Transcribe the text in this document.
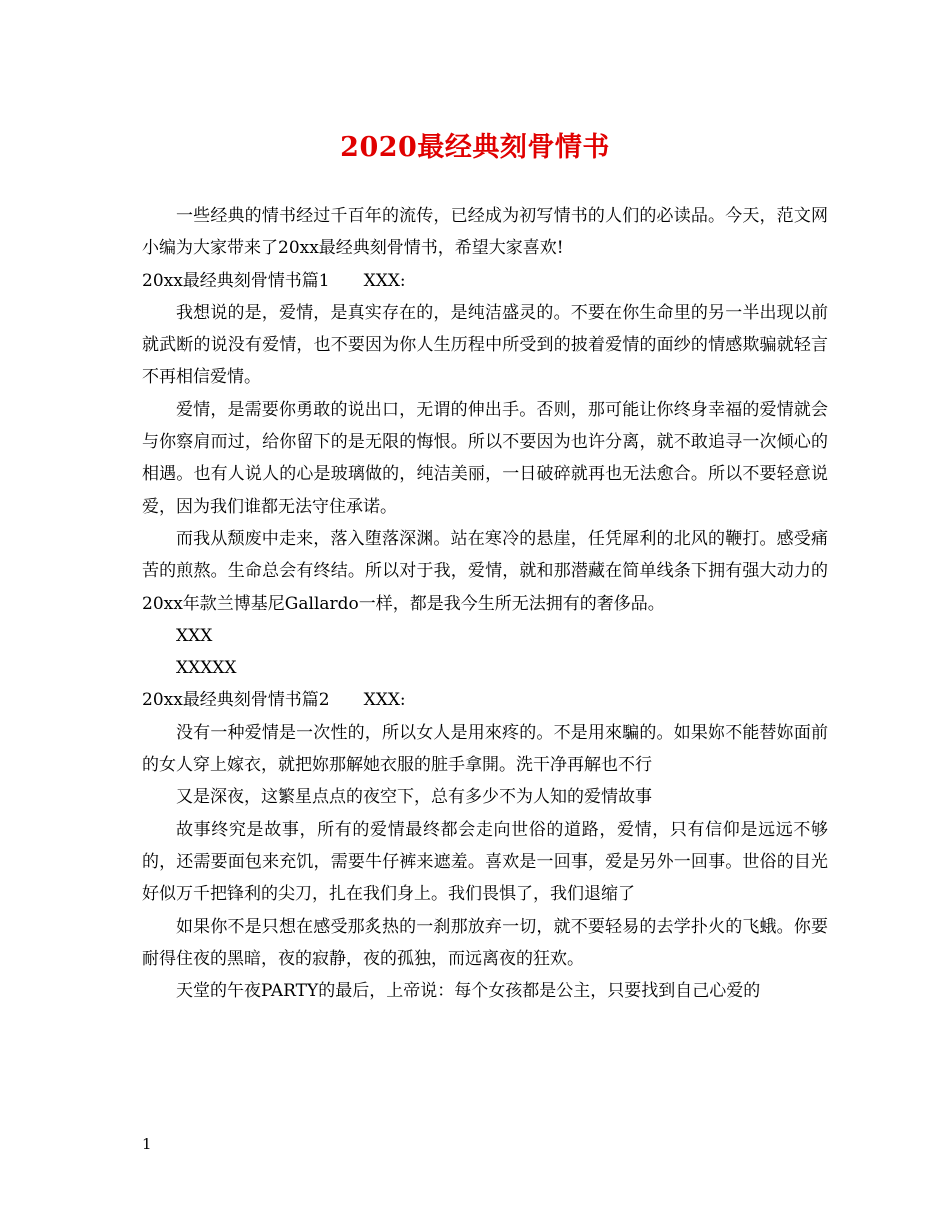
2020最经典刻骨情书

一些经典的情书经过千百年的流传，已经成为初写情书的人们的必读品。今天，范文网小编为大家带来了20xx最经典刻骨情书，希望大家喜欢!

20xx最经典刻骨情书篇1　　XXX:

我想说的是，爱情，是真实存在的，是纯洁盛灵的。不要在你生命里的另一半出现以前就武断的说没有爱情，也不要因为你人生历程中所受到的披着爱情的面纱的情感欺骗就轻言不再相信爱情。

爱情，是需要你勇敢的说出口，无谓的伸出手。否则，那可能让你终身幸福的爱情就会与你察肩而过，给你留下的是无限的悔恨。所以不要因为也许分离，就不敢追寻一次倾心的相遇。也有人说人的心是玻璃做的，纯洁美丽，一日破碎就再也无法愈合。所以不要轻意说爱，因为我们谁都无法守住承诺。

而我从颓废中走来，落入堕落深渊。站在寒冷的悬崖，任凭犀利的北风的鞭打。感受痛苦的煎熬。生命总会有终结。所以对于我，爱情，就和那潜藏在简单线条下拥有强大动力的20xx年款兰博基尼Gallardo一样，都是我今生所无法拥有的奢侈品。

XXX

XXXXX

20xx最经典刻骨情书篇2　　XXX:

没有一种爱情是一次性的，所以女人是用來疼的。不是用來騙的。如果妳不能替妳面前的女人穿上嫁衣，就把妳那解她衣服的脏手拿開。洗干净再解也不行

又是深夜，这繁星点点的夜空下，总有多少不为人知的爱情故事

故事终究是故事，所有的爱情最终都会走向世俗的道路，爱情，只有信仰是远远不够的，还需要面包来充饥，需要牛仔裤来遮羞。喜欢是一回事，爱是另外一回事。世俗的目光好似万千把锋利的尖刀，扎在我们身上。我们畏惧了，我们退缩了

如果你不是只想在感受那炙热的一刹那放弃一切，就不要轻易的去学扑火的飞蛾。你要耐得住夜的黑暗，夜的寂静，夜的孤独，而远离夜的狂欢。

天堂的午夜PARTY的最后，上帝说：每个女孩都是公主，只要找到自己心爱的

1
